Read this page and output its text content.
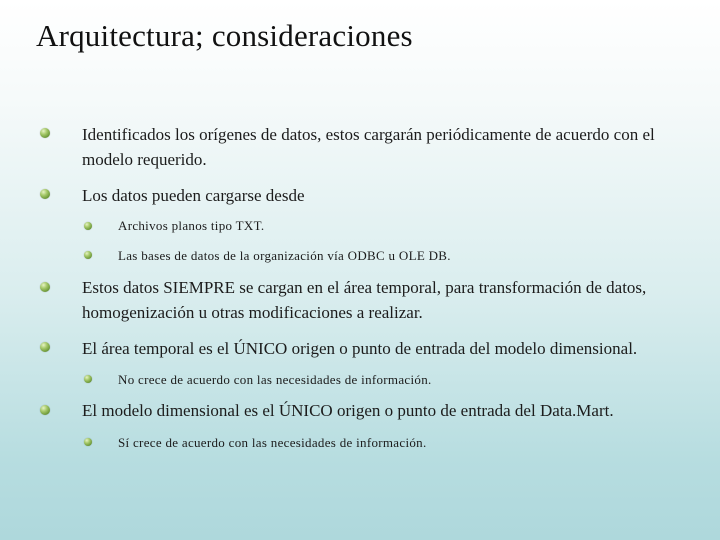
Arquitectura; consideraciones
Identificados los orígenes de datos, estos cargarán periódicamente de acuerdo con el
modelo requerido.
Los datos pueden cargarse desde
Archivos planos tipo TXT.
Las bases de datos de la organización vía ODBC u OLE DB.
Estos datos SIEMPRE se cargan en el área temporal, para transformación de datos,
homogenización u otras modificaciones a realizar.
El área temporal es el ÚNICO origen o punto de entrada del modelo dimensional.
No crece de acuerdo con las necesidades de información.
El modelo dimensional es el ÚNICO origen o punto de entrada del Data.Mart.
Sí crece de acuerdo con las necesidades de información.
